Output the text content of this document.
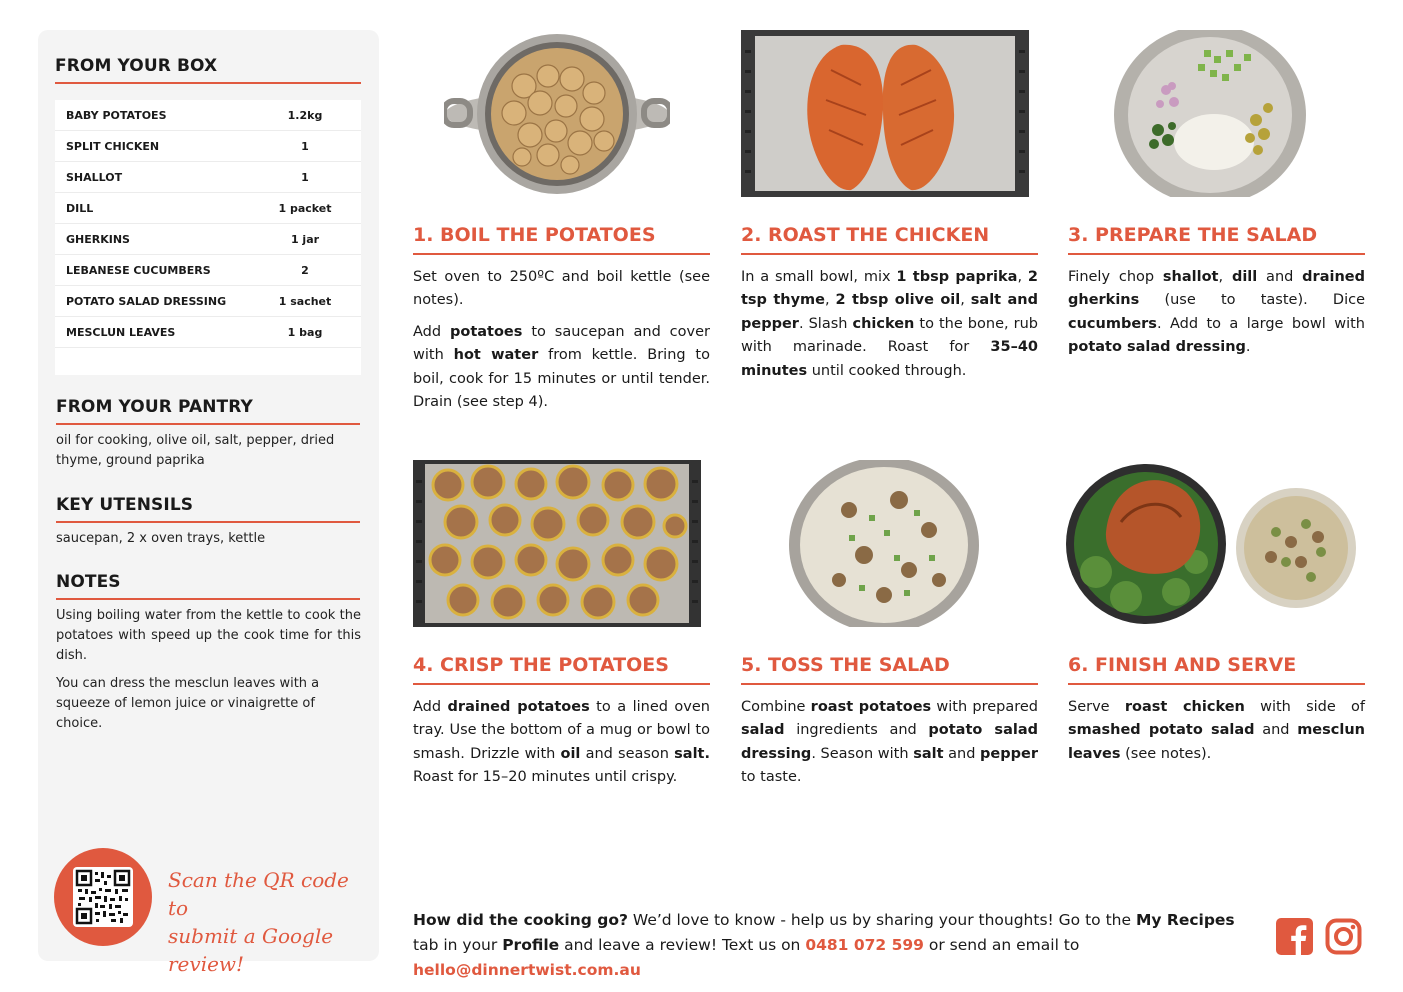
FROM YOUR BOX
BABY POTATOES	1.2kg
SPLIT CHICKEN	1
SHALLOT	1
DILL	1 packet
GHERKINS	1 jar
LEBANESE CUCUMBERS	2
POTATO SALAD DRESSING	1 sachet
MESCLUN LEAVES	1 bag
FROM YOUR PANTRY
oil for cooking, olive oil, salt, pepper, dried thyme, ground paprika
KEY UTENSILS
saucepan, 2 x oven trays, kettle
NOTES
Using boiling water from the kettle to cook the potatoes with speed up the cook time for this dish.
You can dress the mesclun leaves with a squeeze of lemon juice or vinaigrette of choice.
Scan the QR code to
submit a Google review!
1. BOIL THE POTATOES

Set oven to 250ºC and boil kettle (see notes).

Add potatoes to saucepan and cover with hot water from kettle. Bring to boil, cook for 15 minutes or until tender. Drain (see step 4).

2. ROAST THE CHICKEN

In a small bowl, mix 1 tbsp paprika, 2 tsp thyme, 2 tbsp olive oil, salt and pepper. Slash chicken to the bone, rub with marinade. Roast for 35–40 minutes until cooked through.

3. PREPARE THE SALAD

Finely chop shallot, dill and drained gherkins (use to taste). Dice cucumbers. Add to a large bowl with potato salad dressing.

4. CRISP THE POTATOES

Add drained potatoes to a lined oven tray. Use the bottom of a mug or bowl to smash. Drizzle with oil and season salt. Roast for 15–20 minutes until crispy.

5. TOSS THE SALAD

Combine roast potatoes with prepared salad ingredients and potato salad dressing. Season with salt and pepper to taste.

6. FINISH AND SERVE

Serve roast chicken with side of smashed potato salad and mesclun leaves (see notes).

How did the cooking go? We’d love to know - help us by sharing your thoughts! Go to the My Recipes tab in your Profile and leave a review! Text us on 0481 072 599 or send an email to hello@dinnertwist.com.au
